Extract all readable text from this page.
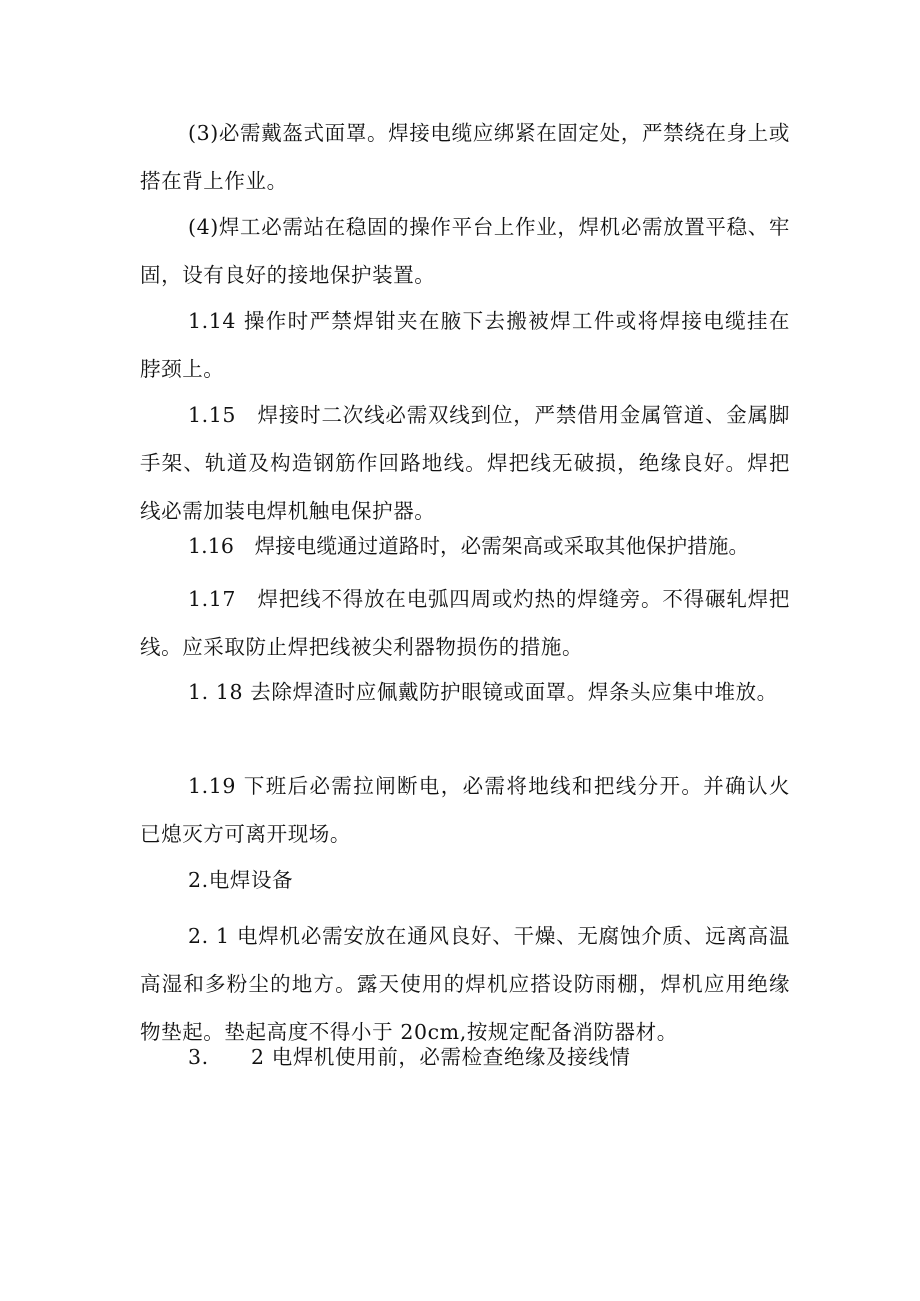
(3)必需戴盔式面罩。焊接电缆应绑紧在固定处，严禁绕在身上或搭在背上作业。

(4)焊工必需站在稳固的操作平台上作业，焊机必需放置平稳、牢固，设有良好的接地保护装置。

1.14 操作时严禁焊钳夹在腋下去搬被焊工件或将焊接电缆挂在脖颈上。

1.15　焊接时二次线必需双线到位，严禁借用金属管道、金属脚手架、轨道及构造钢筋作回路地线。焊把线无破损，绝缘良好。焊把线必需加装电焊机触电保护器。

1.16　焊接电缆通过道路时，必需架高或采取其他保护措施。

1.17　焊把线不得放在电弧四周或灼热的焊缝旁。不得碾轧焊把线。应采取防止焊把线被尖利器物损伤的措施。

1. 18 去除焊渣时应佩戴防护眼镜或面罩。焊条头应集中堆放。

1.19 下班后必需拉闸断电，必需将地线和把线分开。并确认火已熄灭方可离开现场。

2.电焊设备

2. 1 电焊机必需安放在通风良好、干燥、无腐蚀介质、远离高温高湿和多粉尘的地方。露天使用的焊机应搭设防雨棚，焊机应用绝缘物垫起。垫起高度不得小于 20cm,按规定配备消防器材。

3.　　2 电焊机使用前，必需检查绝缘及接线情
